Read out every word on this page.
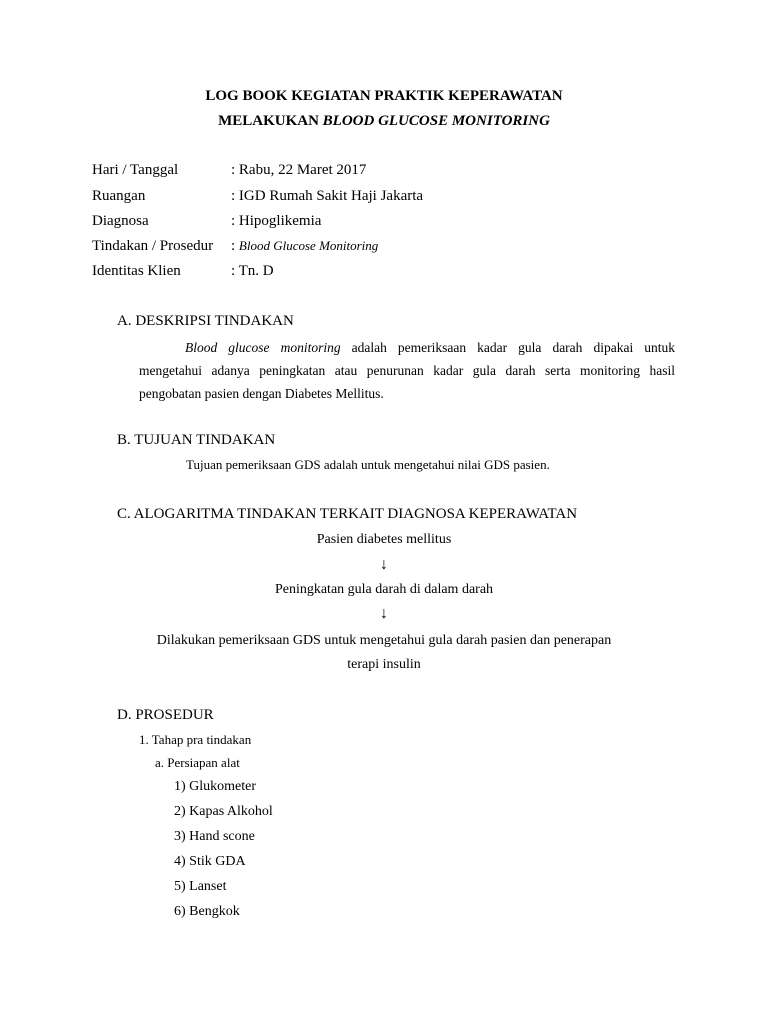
LOG BOOK KEGIATAN PRAKTIK KEPERAWATAN
MELAKUKAN BLOOD GLUCOSE MONITORING
Hari / Tanggal	: Rabu, 22 Maret 2017
Ruangan	: IGD Rumah Sakit Haji Jakarta
Diagnosa	: Hipoglikemia
Tindakan / Prosedur : Blood Glucose Monitoring
Identitas Klien	: Tn. D
A. DESKRIPSI TINDAKAN
Blood glucose monitoring adalah pemeriksaan kadar gula darah dipakai untuk
mengetahui adanya peningkatan atau penurunan kadar gula darah serta monitoring hasil
pengobatan pasien dengan Diabetes Mellitus.
B. TUJUAN TINDAKAN
Tujuan pemeriksaan GDS adalah untuk mengetahui nilai GDS pasien.
C. ALOGARITMA TINDAKAN TERKAIT DIAGNOSA KEPERAWATAN
Pasien diabetes mellitus
↓
Peningkatan gula darah di dalam darah
↓
Dilakukan pemeriksaan GDS untuk mengetahui gula darah pasien dan penerapan
terapi insulin
D. PROSEDUR
1. Tahap pra tindakan
a. Persiapan alat
1) Glukometer
2) Kapas Alkohol
3) Hand scone
4) Stik GDA
5) Lanset
6) Bengkok
